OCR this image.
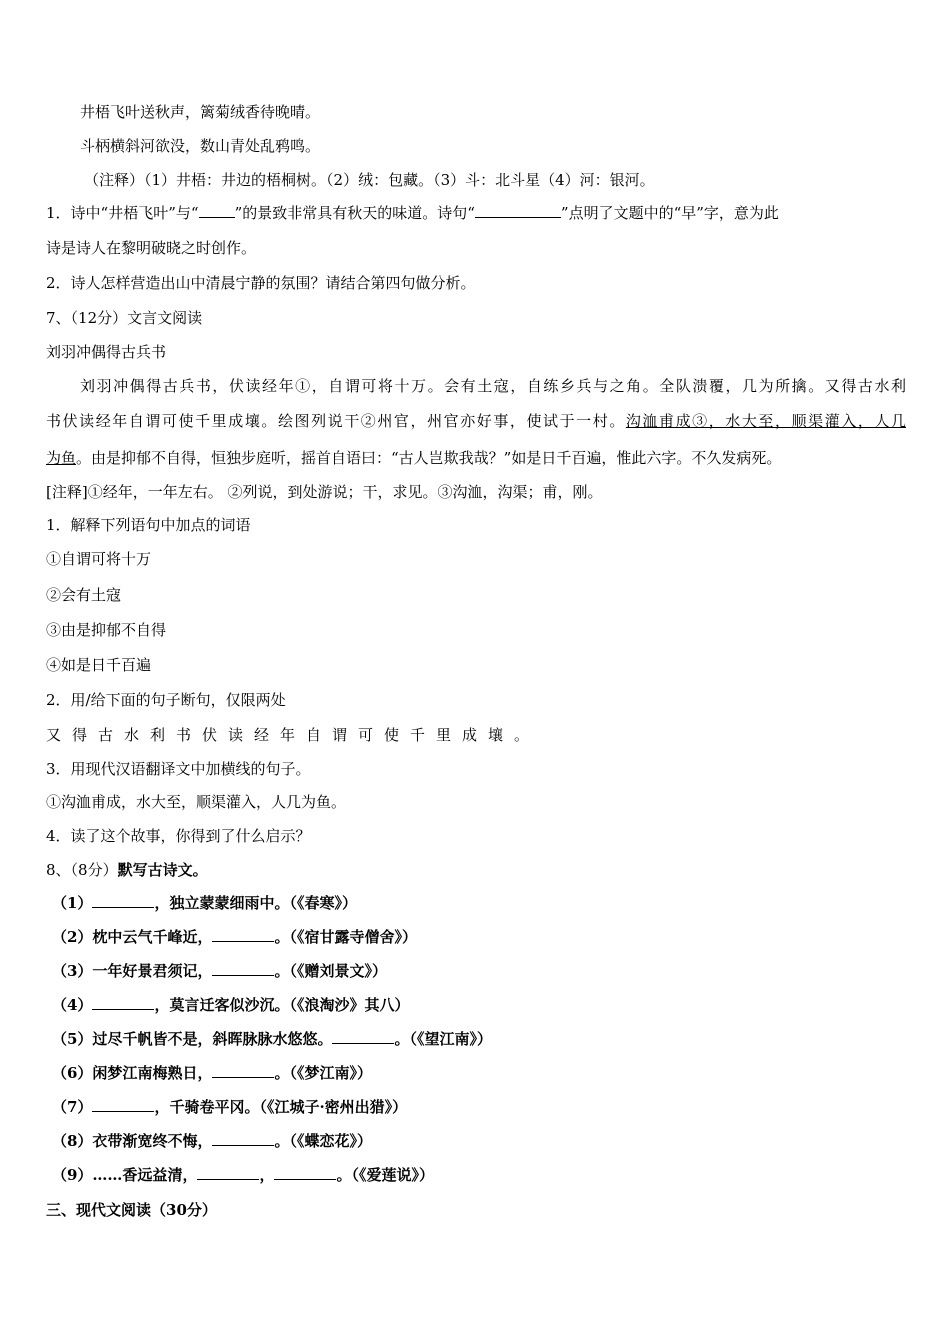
井梧飞叶送秋声，篱菊绒香待晚晴。
斗柄横斜河欲没，数山青处乱鸦鸣。
（注释）（1）井梧：井边的梧桐树。（2）绒：包藏。（3）斗：北斗星（4）河：银河。
1．诗中“井梧飞叶”与“ ”的景致非常具有秋天的味道。诗句“	”点明了文题中的“早”字，意为此
诗是诗人在黎明破晓之时创作。
2．诗人怎样营造出山中清晨宁静的氛围？请结合第四句做分析。
7、（12分）文言文阅读
刘羽冲偶得古兵书
刘羽冲偶得古兵书，伏读经年①，自谓可将十万。会有土寇，自练乡兵与之角。全队溃覆，几为所擒。又得古水利
书伏读经年自谓可使千里成壤。绘图列说干②州官，州官亦好事，使试于一村。沟洫甫成③，水大至，顺渠灌入，人几
为鱼。由是抑郁不自得，恒独步庭听，摇首自语曰：“古人岂欺我哉？”如是日千百遍，惟此六字。不久发病死。
[注释]①经年，一年左右。 ②列说，到处游说；干，求见。③沟洫，沟渠；甫，刚。
1．解释下列语句中加点的词语
①自谓可将十万
②会有土寇
③由是抑郁不自得
④如是日千百遍
2．用/给下面的句子断句，仅限两处
又得古水利书伏读经年自谓可使千里成壤。
3．用现代汉语翻译文中加横线的句子。
①沟洫甫成，水大至，顺渠灌入，人几为鱼。
4．读了这个故事，你得到了什么启示？
8、（8分）默写古诗文。
（1）	，独立蒙蒙细雨中。（《春寒》）
（2）枕中云气千峰近，	。（《宿甘露寺僧舍》）
（3）一年好景君须记，	。（《赠刘景文》）
（4）	，莫言迁客似沙沉。（《浪淘沙》其八）
（5）过尽千帆皆不是，斜晖脉脉水悠悠。	。（《望江南》）
（6）闲梦江南梅熟日，	。（《梦江南》）
（7）	，千骑卷平冈。（《江城子·密州出猎》）
（8）衣带渐宽终不悔，	。（《蝶恋花》）
（9）……香远益清，	，	。（《爱莲说》）
三、现代文阅读（30分）
